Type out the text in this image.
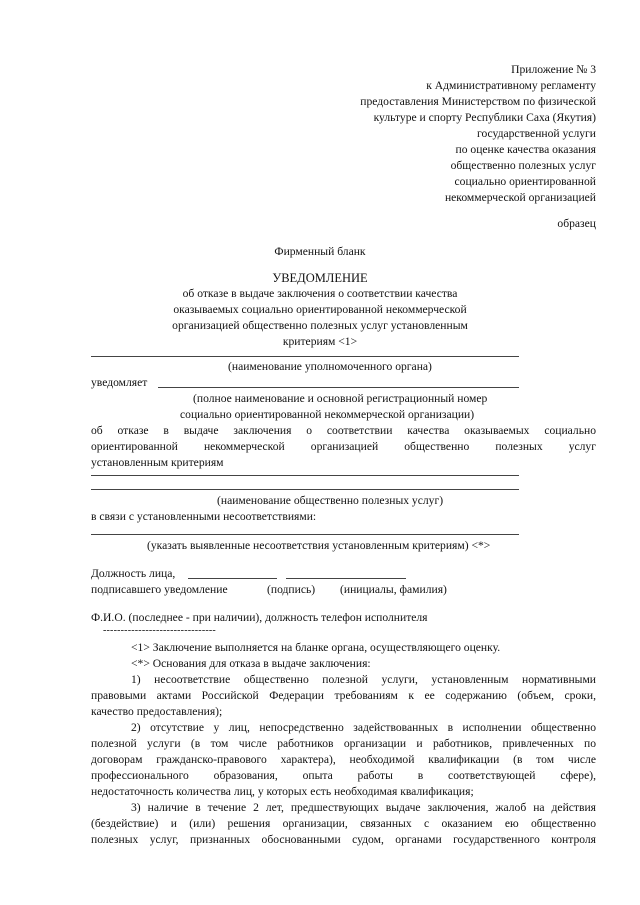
Приложение № 3
к Административному регламенту
предоставления Министерством по физической
культуре и спорту Республики Саха (Якутия)
государственной услуги
по оценке качества оказания
общественно полезных услуг
социально ориентированной
некоммерческой организацией
образец
Фирменный бланк
УВЕДОМЛЕНИЕ
об отказе в выдаче заключения о соответствии качества
оказываемых социально ориентированной некоммерческой
организацией общественно полезных услуг установленным
критериям <1>
(наименование уполномоченного органа)
уведомляет
(полное наименование и основной регистрационный номер
социально ориентированной некоммерческой организации)
об отказе в выдаче заключения о соответствии качества оказываемых социально
ориентированной некоммерческой организацией общественно полезных услуг
установленным критериям
(наименование общественно полезных услуг)
в связи с установленными несоответствиями:
(указать выявленные несоответствия установленным критериям) <*>
Должность лица,
подписавшего уведомление	(подпись) (инициалы, фамилия)
Ф.И.О. (последнее - при наличии), должность телефон исполнителя
--------------------------------
<1> Заключение выполняется на бланке органа, осуществляющего оценку.
<*> Основания для отказа в выдаче заключения:
1) несоответствие общественно полезной услуги, установленным нормативными
правовыми актами Российской Федерации требованиям к ее содержанию (объем, сроки,
качество предоставления);
2) отсутствие у лиц, непосредственно задействованных в исполнении общественно
полезной услуги (в том числе работников организации и работников, привлеченных по
договорам гражданско-правового характера), необходимой квалификации (в том числе
профессионального образования, опыта работы в соответствующей сфере),
недостаточность количества лиц, у которых есть необходимая квалификация;
3) наличие в течение 2 лет, предшествующих выдаче заключения, жалоб на действия
(бездействие) и (или) решения организации, связанных с оказанием ею общественно
полезных услуг, признанных обоснованными судом, органами государственного контроля
